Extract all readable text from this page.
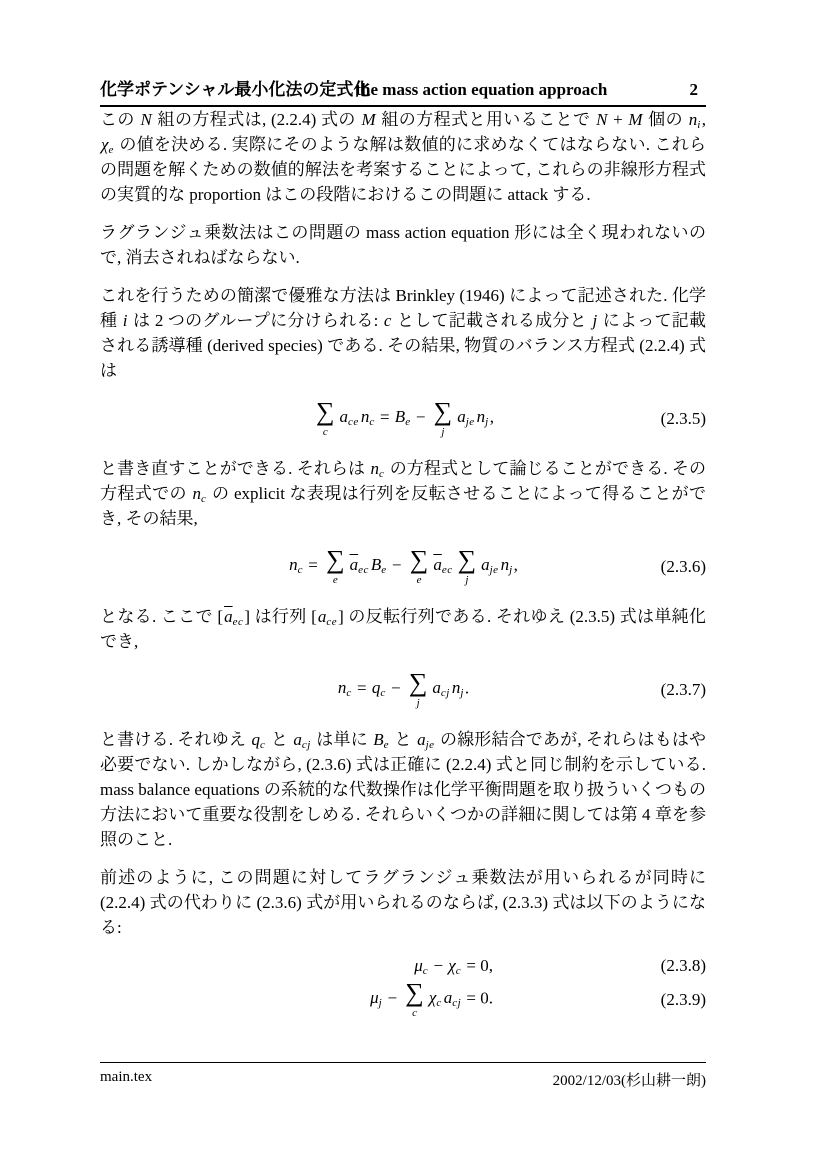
化学ポテンシャル最小化法の定式化the mass action equation approach	2
この N 組の方程式は, (2.2.4) 式の M 組の方程式と用いることで N + M 個の $n_i$, $\chi_e$ の値を決める. 実際にそのような解は数値的に求めなくてはならない. これらの問題を解くための数値的解法を考案することによって, これらの非線形方程式の実質的な proportion はこの段階におけるこの問題に attack する.
ラグランジュ乗数法はこの問題の mass action equation 形には全く現われないので, 消去されねばならない.
これを行うための簡潔で優雅な方法は Brinkley (1946) によって記述された. 化学種 i は 2 つのグループに分けられる: c として記載される成分と j によって記載される誘導種 (derived species) である. その結果, 物質のバランス方程式 (2.2.4) 式は
∑
c
$a_{ce}$ $n_c = B_e$ − ∑
j
$a_{je}$ $n_j$,	(2.3.5)
と書き直すことができる. それらは $n_c$ の方程式として論じることができる. その方程式での $n_c$ の explicit な表現は行列を反転させることによって得ることができ, その結果,
$n_c$ = ∑
e
$\overline{a}_{ec}$ $B_e$ − ∑
e
$\overline{a}_{ec}$ ∑
j
$a_{je}$ $n_j$,	(2.3.6)
となる. ここで $[\overline{a}_{ec}]$ は行列 $[a_{ce}]$ の反転行列である. それゆえ (2.3.5) 式は単純化でき,
$n_c = q_c$ − ∑
j
$a_{cj}$ $n_j$.	(2.3.7)
と書ける. それゆえ $q_c$ と $a_{cj}$ は単に $B_e$ と $a_{je}$ の線形結合であが, それらはもはや必要でない. しかしながら, (2.3.6) 式は正確に (2.2.4) 式と同じ制約を示している. mass balance equations の系統的な代数操作は化学平衡問題を取り扱ういくつもの方法において重要な役割をしめる. それらいくつかの詳細に関しては第 4 章を参照のこと.
前述のように, この問題に対してラグランジュ乗数法が用いられるが同時に (2.2.4) 式の代わりに (2.3.6) 式が用いられるのならば, (2.3.3) 式は以下のようになる:
$\mu_c - \chi_c = 0$,	(2.3.8)
$\mu_j$ − ∑
c
$\chi_c$ $a_{cj} = 0$.	(2.3.9)
main.tex	2002/12/03(杉山耕一朗)
